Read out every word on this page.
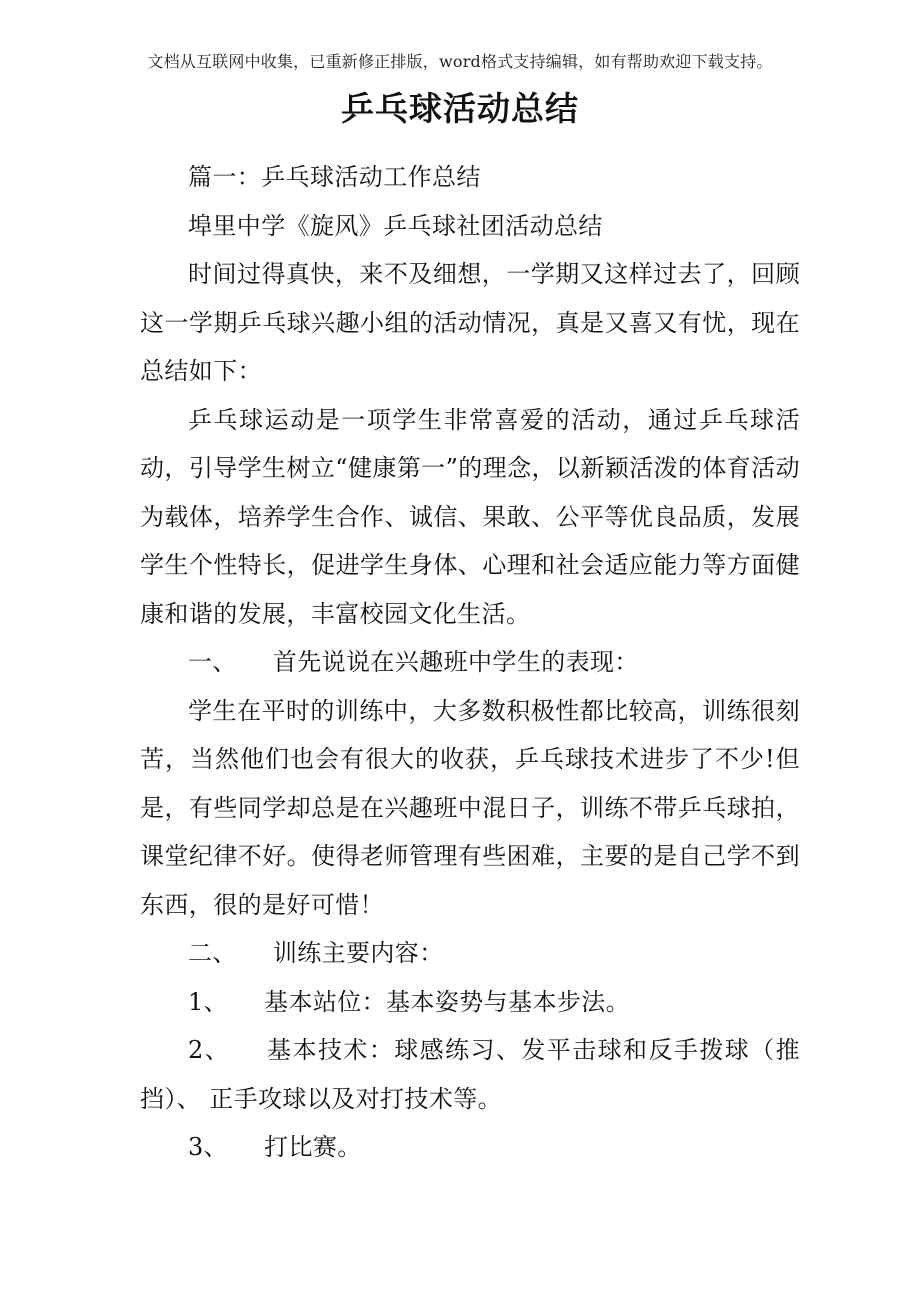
文档从互联网中收集，已重新修正排版，word格式支持编辑，如有帮助欢迎下载支持。
乒乓球活动总结

篇一：乒乓球活动工作总结

埠里中学《旋风》乒乓球社团活动总结

时间过得真快，来不及细想，一学期又这样过去了，回顾这一学期乒乓球兴趣小组的活动情况，真是又喜又有忧，现在总结如下：

乒乓球运动是一项学生非常喜爱的活动，通过乒乓球活动，引导学生树立“健康第一”的理念，以新颖活泼的体育活动为载体，培养学生合作、诚信、果敢、公平等优良品质，发展学生个性特长，促进学生身体、心理和社会适应能力等方面健康和谐的发展，丰富校园文化生活。

一、 首先说说在兴趣班中学生的表现：

学生在平时的训练中，大多数积极性都比较高，训练很刻苦，当然他们也会有很大的收获，乒乓球技术进步了不少!但是，有些同学却总是在兴趣班中混日子，训练不带乒乓球拍，课堂纪律不好。使得老师管理有些困难，主要的是自己学不到东西，很的是好可惜！

二、 训练主要内容：

1、 基本站位：基本姿势与基本步法。

2、 基本技术：球感练习、发平击球和反手拨球（推挡）、 正手攻球以及对打技术等。

3、 打比赛。
